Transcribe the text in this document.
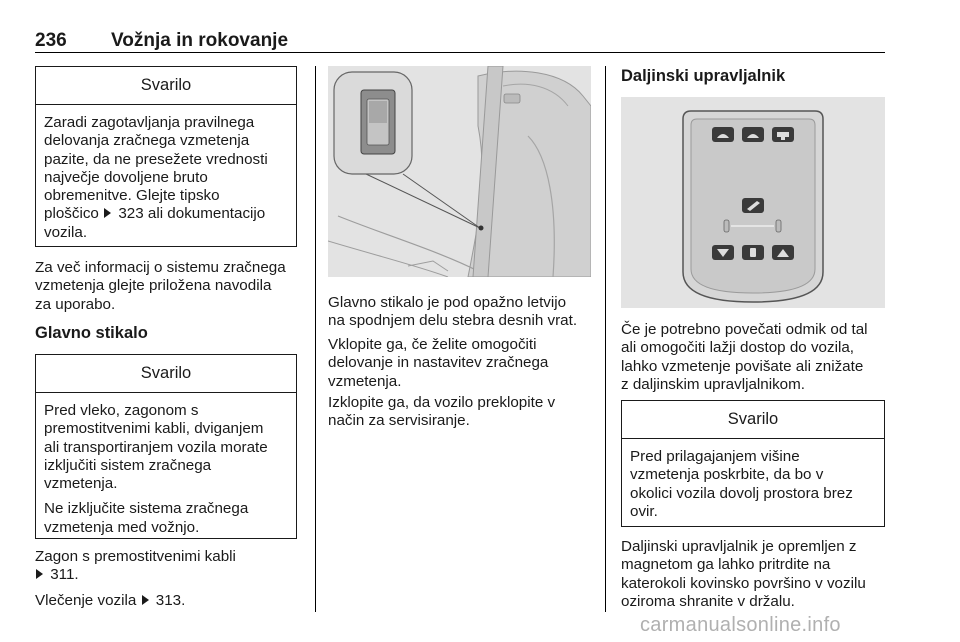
236 Vožnja in rokovanje
Svarilo
Zaradi zagotavljanja pravilnega
delovanja zračnega vzmetenja
pazite, da ne presežete vrednosti
največje dovoljene bruto
obremenitve. Glejte tipsko
ploščico  323 ali dokumentacijo
vozila.
Za več informacij o sistemu zračnega
vzmetenja glejte priložena navodila
za uporabo.
Glavno stikalo
Svarilo

Pred vleko, zagonom s
premostitvenimi kabli, dviganjem
ali transportiranjem vozila morate
izključiti sistem zračnega
vzmetenja.

Ne izključite sistema zračnega
vzmetenja med vožnjo.

Zagon s premostitvenimi kabli
311.
Vlečenje vozila  313.
Glavno stikalo je pod opažno letvijo
na spodnjem delu stebra desnih vrat.
Vklopite ga, če želite omogočiti
delovanje in nastavitev zračnega
vzmetenja.
Izklopite ga, da vozilo preklopite v
način za servisiranje.
Daljinski upravljalnik
Če je potrebno povečati odmik od tal
ali omogočiti lažji dostop do vozila,
lahko vzmetenje povišate ali znižate
z daljinskim upravljalnikom.
Svarilo
Pred prilagajanjem višine
vzmetenja poskrbite, da bo v
okolici vozila dovolj prostora brez
ovir.
Daljinski upravljalnik je opremljen z
magnetom ga lahko pritrdite na
katerokoli kovinsko površino v vozilu
oziroma shranite v držalu.
carmanualsonline.info
